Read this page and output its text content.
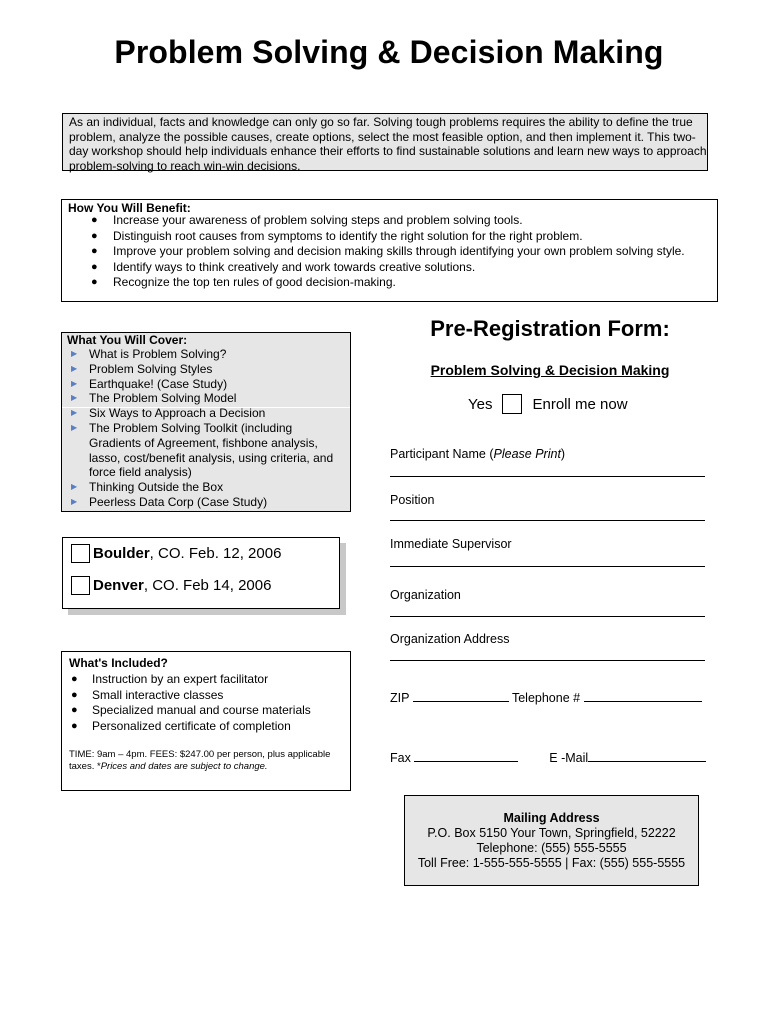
Problem Solving & Decision Making
As an individual, facts and knowledge can only go so far. Solving tough problems requires the ability to define the true problem, analyze the possible causes, create options, select the most feasible option, and then implement it. This two-day workshop should help individuals enhance their efforts to find sustainable solutions and learn new ways to approach problem-solving to reach win-win decisions.
How You Will Benefit:
● Increase your awareness of problem solving steps and problem solving tools.
● Distinguish root causes from symptoms to identify the right solution for the right problem.
● Improve your problem solving and decision making skills through identifying your own problem solving style.
● Identify ways to think creatively and work towards creative solutions.
● Recognize the top ten rules of good decision-making.
What You Will Cover:
▶ What is Problem Solving?
▶ Problem Solving Styles
▶ Earthquake! (Case Study)
▶ The Problem Solving Model
▶ Six Ways to Approach a Decision
▶ The Problem Solving Toolkit (including Gradients of Agreement, fishbone analysis, lasso, cost/benefit analysis, using criteria, and force field analysis)
▶ Thinking Outside the Box
▶ Peerless Data Corp (Case Study)
Boulder , CO. Feb. 12, 2006
Denver , CO. Feb 14, 2006
What's Included?
● Instruction by an expert facilitator
● Small interactive classes
● Specialized manual and course materials
● Personalized certificate of completion
TIME: 9am – 4pm. FEES: $247.00 per person, plus applicable taxes. *Prices and dates are subject to change.
Pre-Registration Form:
Problem Solving & Decision Making
Yes	Enroll me now
Participant Name (Please Print)
Position
Immediate Supervisor
Organization
Organization Address
ZIP	Telephone #
Fax	E -Mail
Mailing Address
P.O. Box 5150 Your Town, Springfield, 52222
Telephone: (555) 555-5555
Toll Free: 1-555-555-5555 | Fax: (555) 555-5555
